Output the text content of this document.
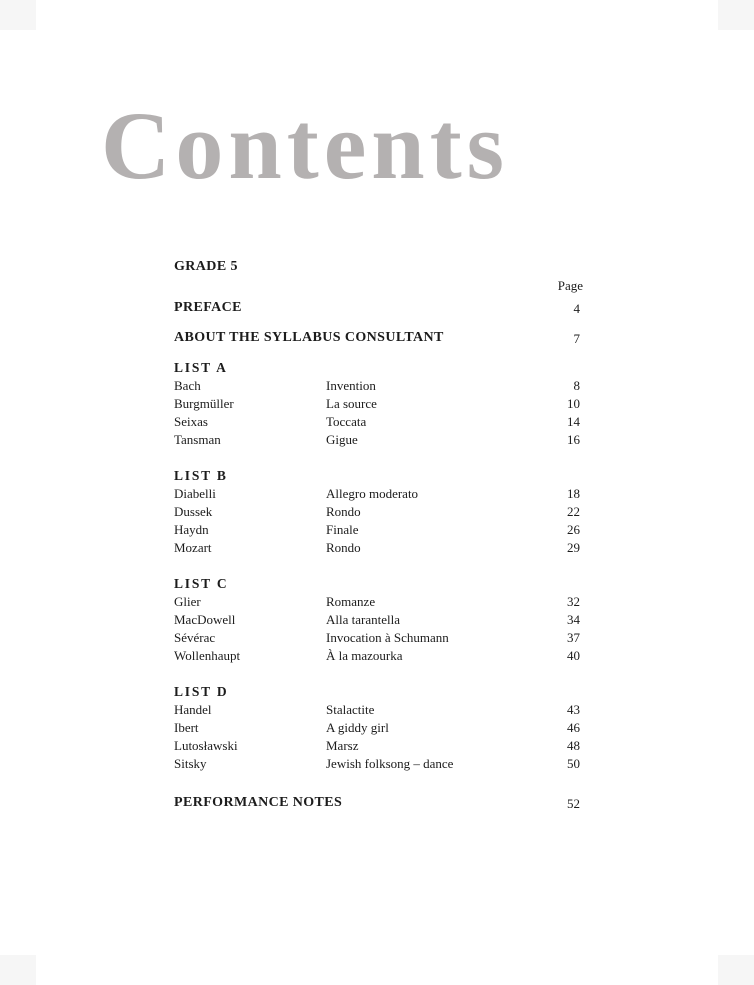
Contents
GRADE 5
Page
PREFACE	4
ABOUT THE SYLLABUS CONSULTANT	7
LIST A
Bach	Invention	8
Burgmüller	La source	10
Seixas	Toccata	14
Tansman	Gigue	16
LIST B
Diabelli	Allegro moderato	18
Dussek	Rondo	22
Haydn	Finale	26
Mozart	Rondo	29
LIST C
Glier	Romanze	32
MacDowell	Alla tarantella	34
Sévérac	Invocation à Schumann	37
Wollenhaupt	À la mazourka	40
LIST D
Handel	Stalactite	43
Ibert	A giddy girl	46
Lutosławski	Marsz	48
Sitsky	Jewish folksong – dance	50
PERFORMANCE NOTES	52
